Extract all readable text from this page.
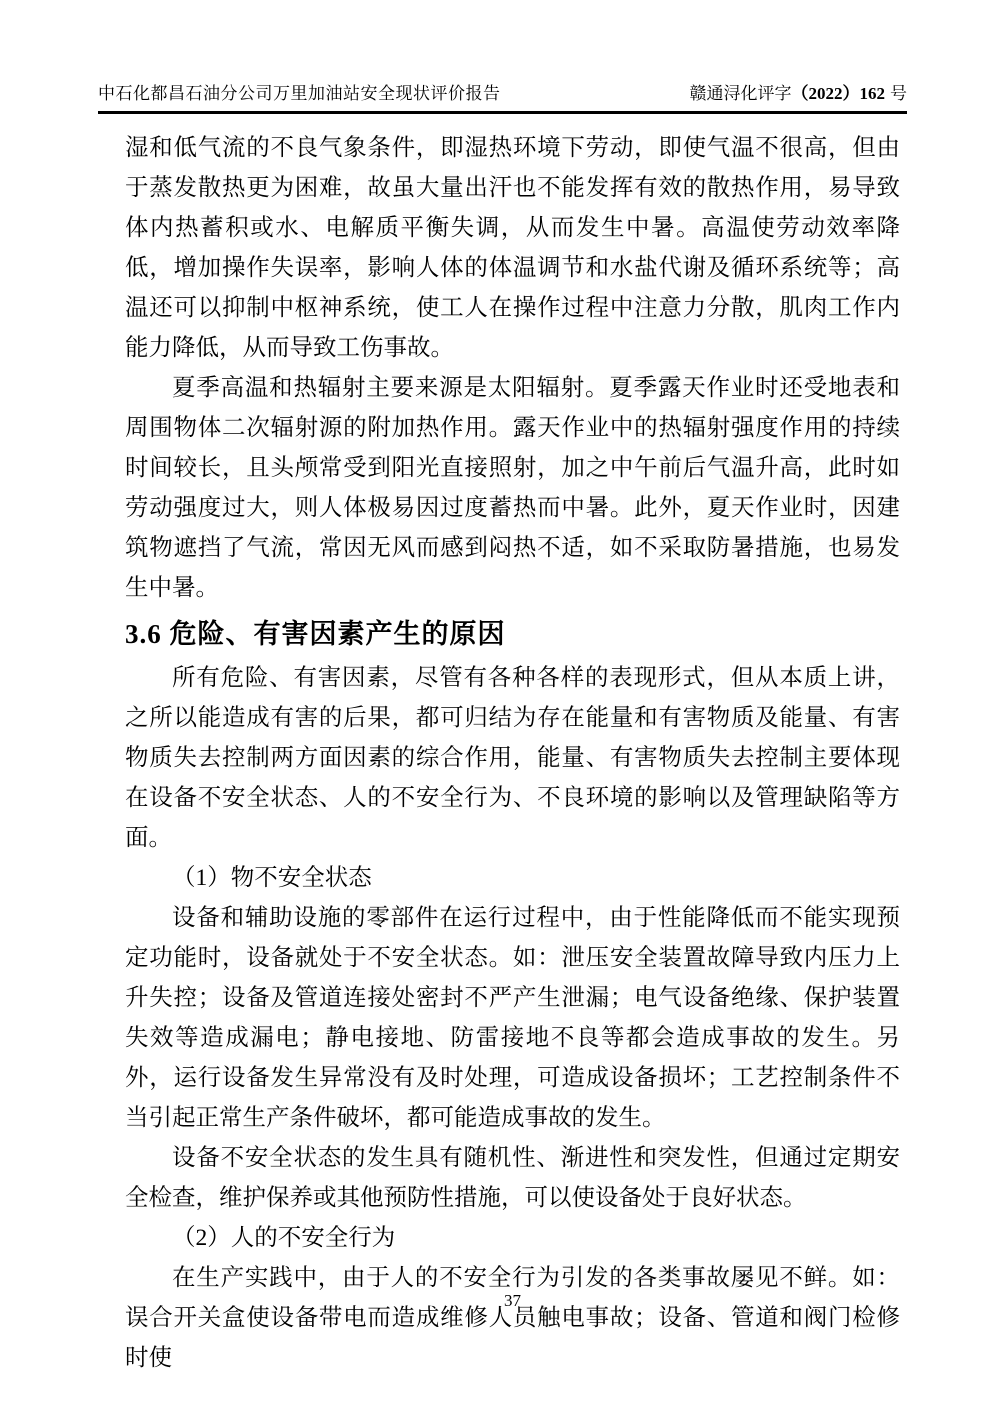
中石化都昌石油分公司万里加油站安全现状评价报告	赣通浔化评字（2022）162 号

湿和低气流的不良气象条件，即湿热环境下劳动，即使气温不很高，但由于蒸发散热更为困难，故虽大量出汗也不能发挥有效的散热作用，易导致体内热蓄积或水、电解质平衡失调，从而发生中暑。高温使劳动效率降低，增加操作失误率，影响人体的体温调节和水盐代谢及循环系统等；高温还可以抑制中枢神系统，使工人在操作过程中注意力分散，肌肉工作内能力降低，从而导致工伤事故。

夏季高温和热辐射主要来源是太阳辐射。夏季露天作业时还受地表和周围物体二次辐射源的附加热作用。露天作业中的热辐射强度作用的持续时间较长，且头颅常受到阳光直接照射，加之中午前后气温升高，此时如劳动强度过大，则人体极易因过度蓄热而中暑。此外，夏天作业时，因建筑物遮挡了气流，常因无风而感到闷热不适，如不采取防暑措施，也易发生中暑。

3.6 危险、有害因素产生的原因

所有危险、有害因素，尽管有各种各样的表现形式，但从本质上讲，之所以能造成有害的后果，都可归结为存在能量和有害物质及能量、有害物质失去控制两方面因素的综合作用，能量、有害物质失去控制主要体现在设备不安全状态、人的不安全行为、不良环境的影响以及管理缺陷等方面。

（1）物不安全状态

设备和辅助设施的零部件在运行过程中，由于性能降低而不能实现预定功能时，设备就处于不安全状态。如：泄压安全装置故障导致内压力上升失控；设备及管道连接处密封不严产生泄漏；电气设备绝缘、保护装置失效等造成漏电；静电接地、防雷接地不良等都会造成事故的发生。另外，运行设备发生异常没有及时处理，可造成设备损坏；工艺控制条件不当引起正常生产条件破坏，都可能造成事故的发生。

设备不安全状态的发生具有随机性、渐进性和突发性，但通过定期安全检查，维护保养或其他预防性措施，可以使设备处于良好状态。

（2）人的不安全行为

在生产实践中，由于人的不安全行为引发的各类事故屡见不鲜。如：误合开关盒使设备带电而造成维修人员触电事故；设备、管道和阀门检修时使

37
